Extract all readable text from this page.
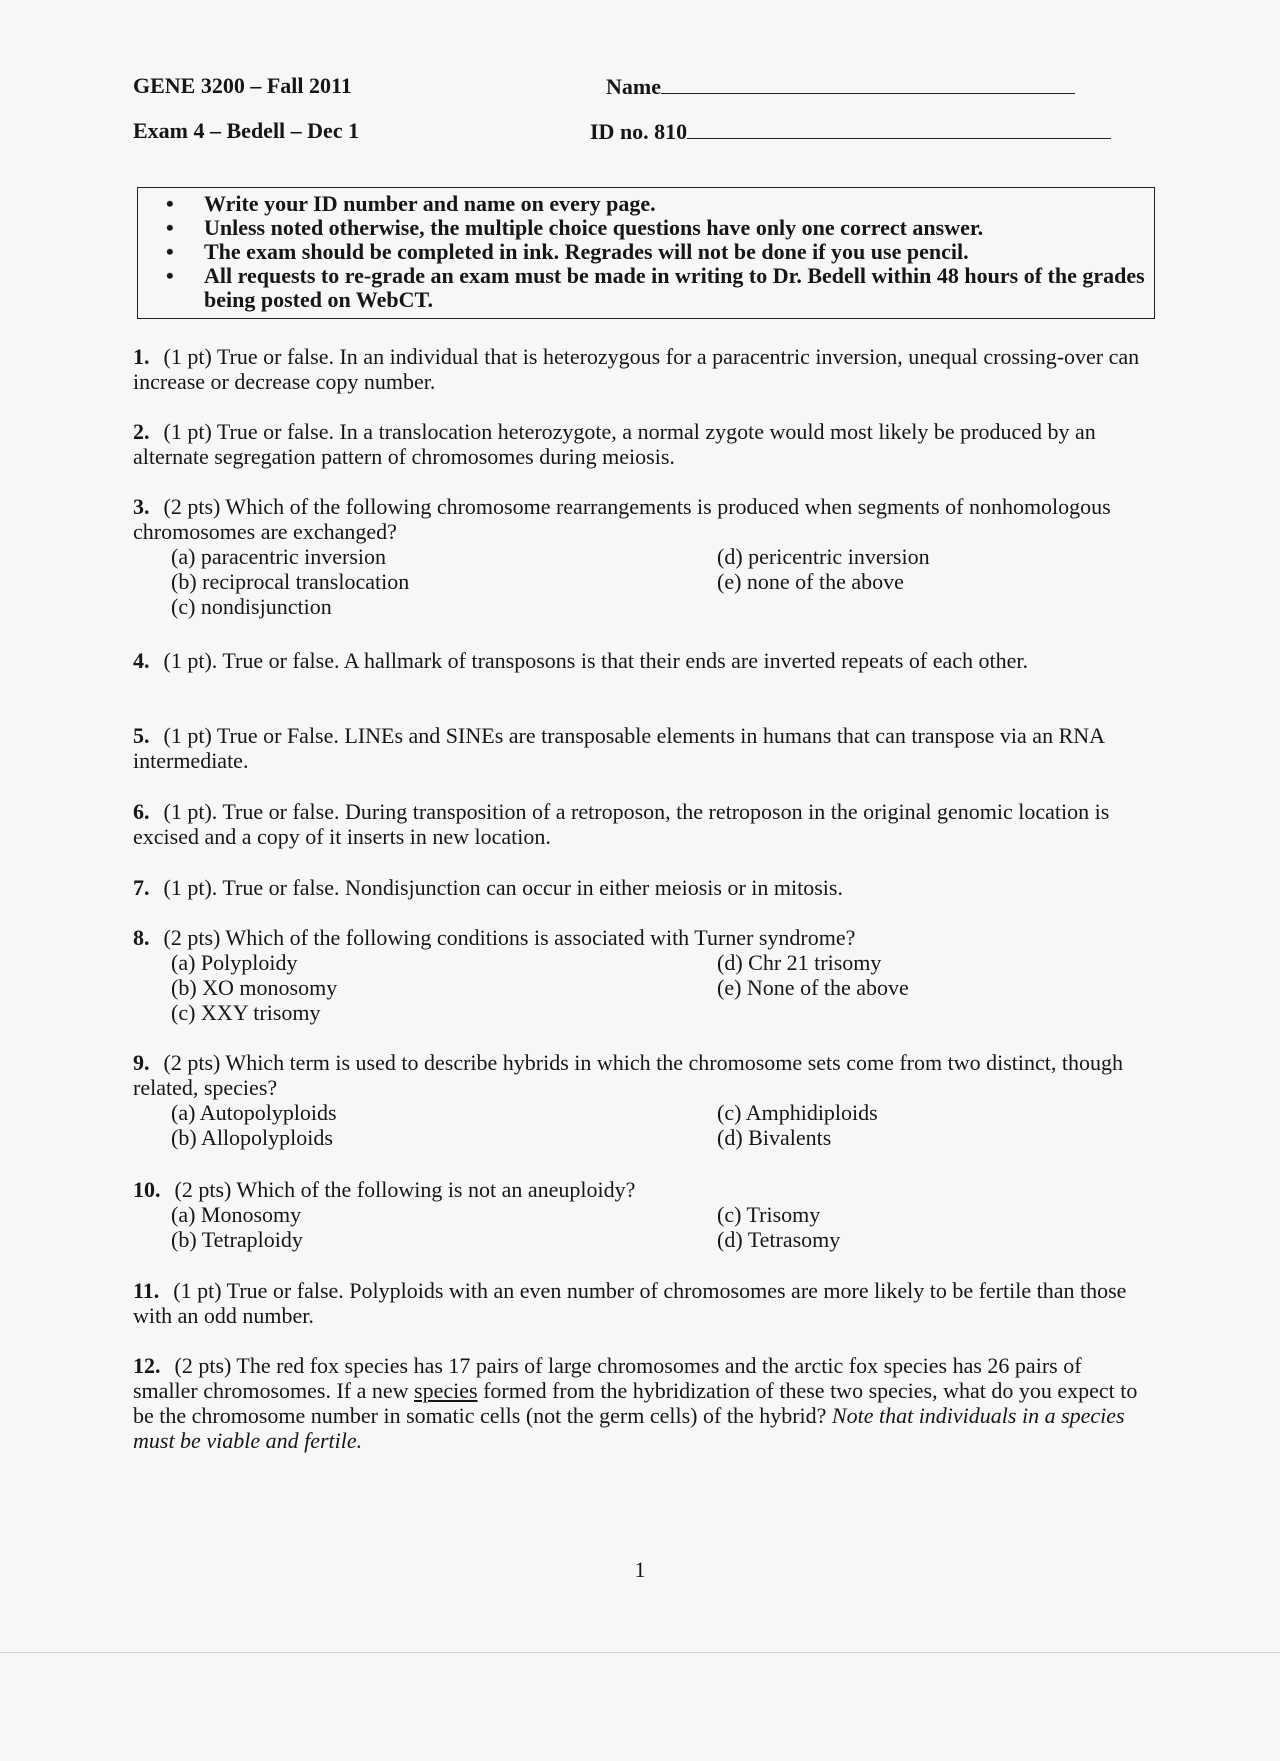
GENE 3200 – Fall 2011
Exam 4 – Bedell – Dec 1
Name
ID no. 810
• Write your ID number and name on every page.
• Unless noted otherwise, the multiple choice questions have only one correct answer.
• The exam should be completed in ink. Regrades will not be done if you use pencil.
• All requests to re-grade an exam must be made in writing to Dr. Bedell within 48 hours of the grades being posted on WebCT.
1. (1 pt) True or false. In an individual that is heterozygous for a paracentric inversion, unequal crossing-over can increase or decrease copy number.
2. (1 pt) True or false. In a translocation heterozygote, a normal zygote would most likely be produced by an alternate segregation pattern of chromosomes during meiosis.
3. (2 pts) Which of the following chromosome rearrangements is produced when segments of nonhomologous chromosomes are exchanged?
(a) paracentric inversion
(b) reciprocal translocation
(c) nondisjunction
(d) pericentric inversion
(e) none of the above
4. (1 pt). True or false. A hallmark of transposons is that their ends are inverted repeats of each other.
5. (1 pt) True or False. LINEs and SINEs are transposable elements in humans that can transpose via an RNA intermediate.
6. (1 pt). True or false. During transposition of a retroposon, the retroposon in the original genomic location is excised and a copy of it inserts in new location.
7. (1 pt). True or false. Nondisjunction can occur in either meiosis or in mitosis.
8. (2 pts) Which of the following conditions is associated with Turner syndrome?
(a) Polyploidy
(b) XO monosomy
(c) XXY trisomy
(d) Chr 21 trisomy
(e) None of the above
9. (2 pts) Which term is used to describe hybrids in which the chromosome sets come from two distinct, though related, species?
(a) Autopolyploids
(b) Allopolyploids
(c) Amphidiploids
(d) Bivalents
10. (2 pts) Which of the following is not an aneuploidy?
(a) Monosomy
(b) Tetraploidy
(c) Trisomy
(d) Tetrasomy
11. (1 pt) True or false. Polyploids with an even number of chromosomes are more likely to be fertile than those with an odd number.
12. (2 pts) The red fox species has 17 pairs of large chromosomes and the arctic fox species has 26 pairs of smaller chromosomes. If a new species formed from the hybridization of these two species, what do you expect to be the chromosome number in somatic cells (not the germ cells) of the hybrid? Note that individuals in a species must be viable and fertile.
1
